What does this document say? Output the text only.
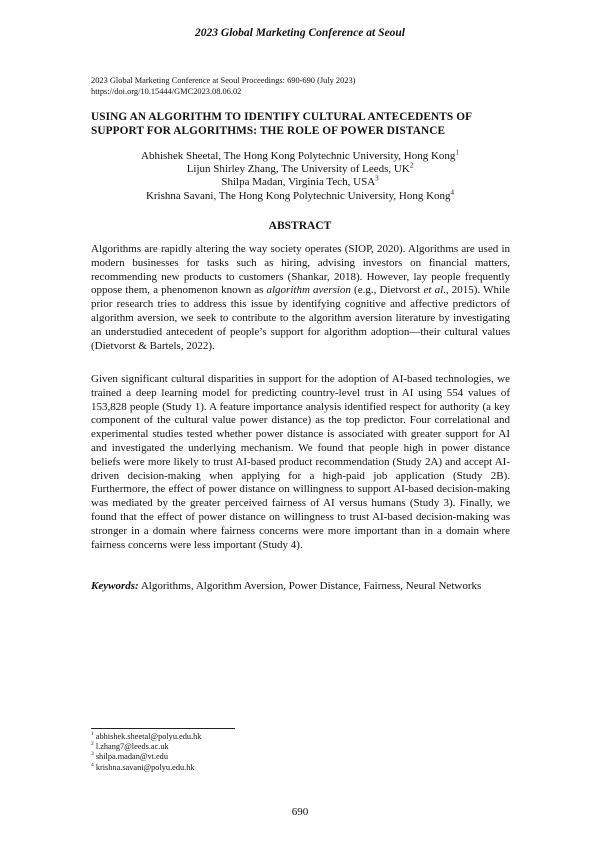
2023 Global Marketing Conference at Seoul
2023 Global Marketing Conference at Seoul Proceedings: 690-690 (July 2023)
https://doi.org/10.15444/GMC2023.08.06.02
USING AN ALGORITHM TO IDENTIFY CULTURAL ANTECEDENTS OF SUPPORT FOR ALGORITHMS: THE ROLE OF POWER DISTANCE
Abhishek Sheetal, The Hong Kong Polytechnic University, Hong Kong$^1$
Lijun Shirley Zhang, The University of Leeds, $UK^2$
Shilpa Madan, Virginia Tech, USA$^3$
Krishna Savani, The Hong Kong Polytechnic University, Hong Kong$^4$
ABSTRACT

Algorithms are rapidly altering the way society operates (SIOP, 2020). Algorithms are used in modern businesses for tasks such as hiring, advising investors on financial matters, recommending new products to customers (Shankar, 2018). However, lay people frequently oppose them, a phenomenon known as algorithm aversion (e.g., Dietvorst et al., 2015). While prior research tries to address this issue by identifying cognitive and affective predictors of algorithm aversion, we seek to contribute to the algorithm aversion literature by investigating an understudied antecedent of people’s support for algorithm adoption—their cultural values (Dietvorst & Bartels, 2022).

Given significant cultural disparities in support for the adoption of AI-based technologies, we trained a deep learning model for predicting country-level trust in AI using 554 values of 153,828 people (Study 1). A feature importance analysis identified respect for authority (a key component of the cultural value power distance) as the top predictor. Four correlational and experimental studies tested whether power distance is associated with greater support for AI and investigated the underlying mechanism. We found that people high in power distance beliefs were more likely to trust AI-based product recommendation (Study 2A) and accept AI-driven decision-making when applying for a high-paid job application (Study 2B). Furthermore, the effect of power distance on willingness to support AI-based decision-making was mediated by the greater perceived fairness of AI versus humans (Study 3). Finally, we found that the effect of power distance on willingness to trust AI-based decision-making was stronger in a domain where fairness concerns were more important than in a domain where fairness concerns were less important (Study 4).

Keywords: Algorithms, Algorithm Aversion, Power Distance, Fairness, Neural Networks

$^1$ abhishek.sheetal@polyu.edu.hk
$^2$ l.zhang7@leeds.ac.uk
$^3$ shilpa.madan@vt.edu
$^4$ krishna.savani@polyu.edu.hk
690
